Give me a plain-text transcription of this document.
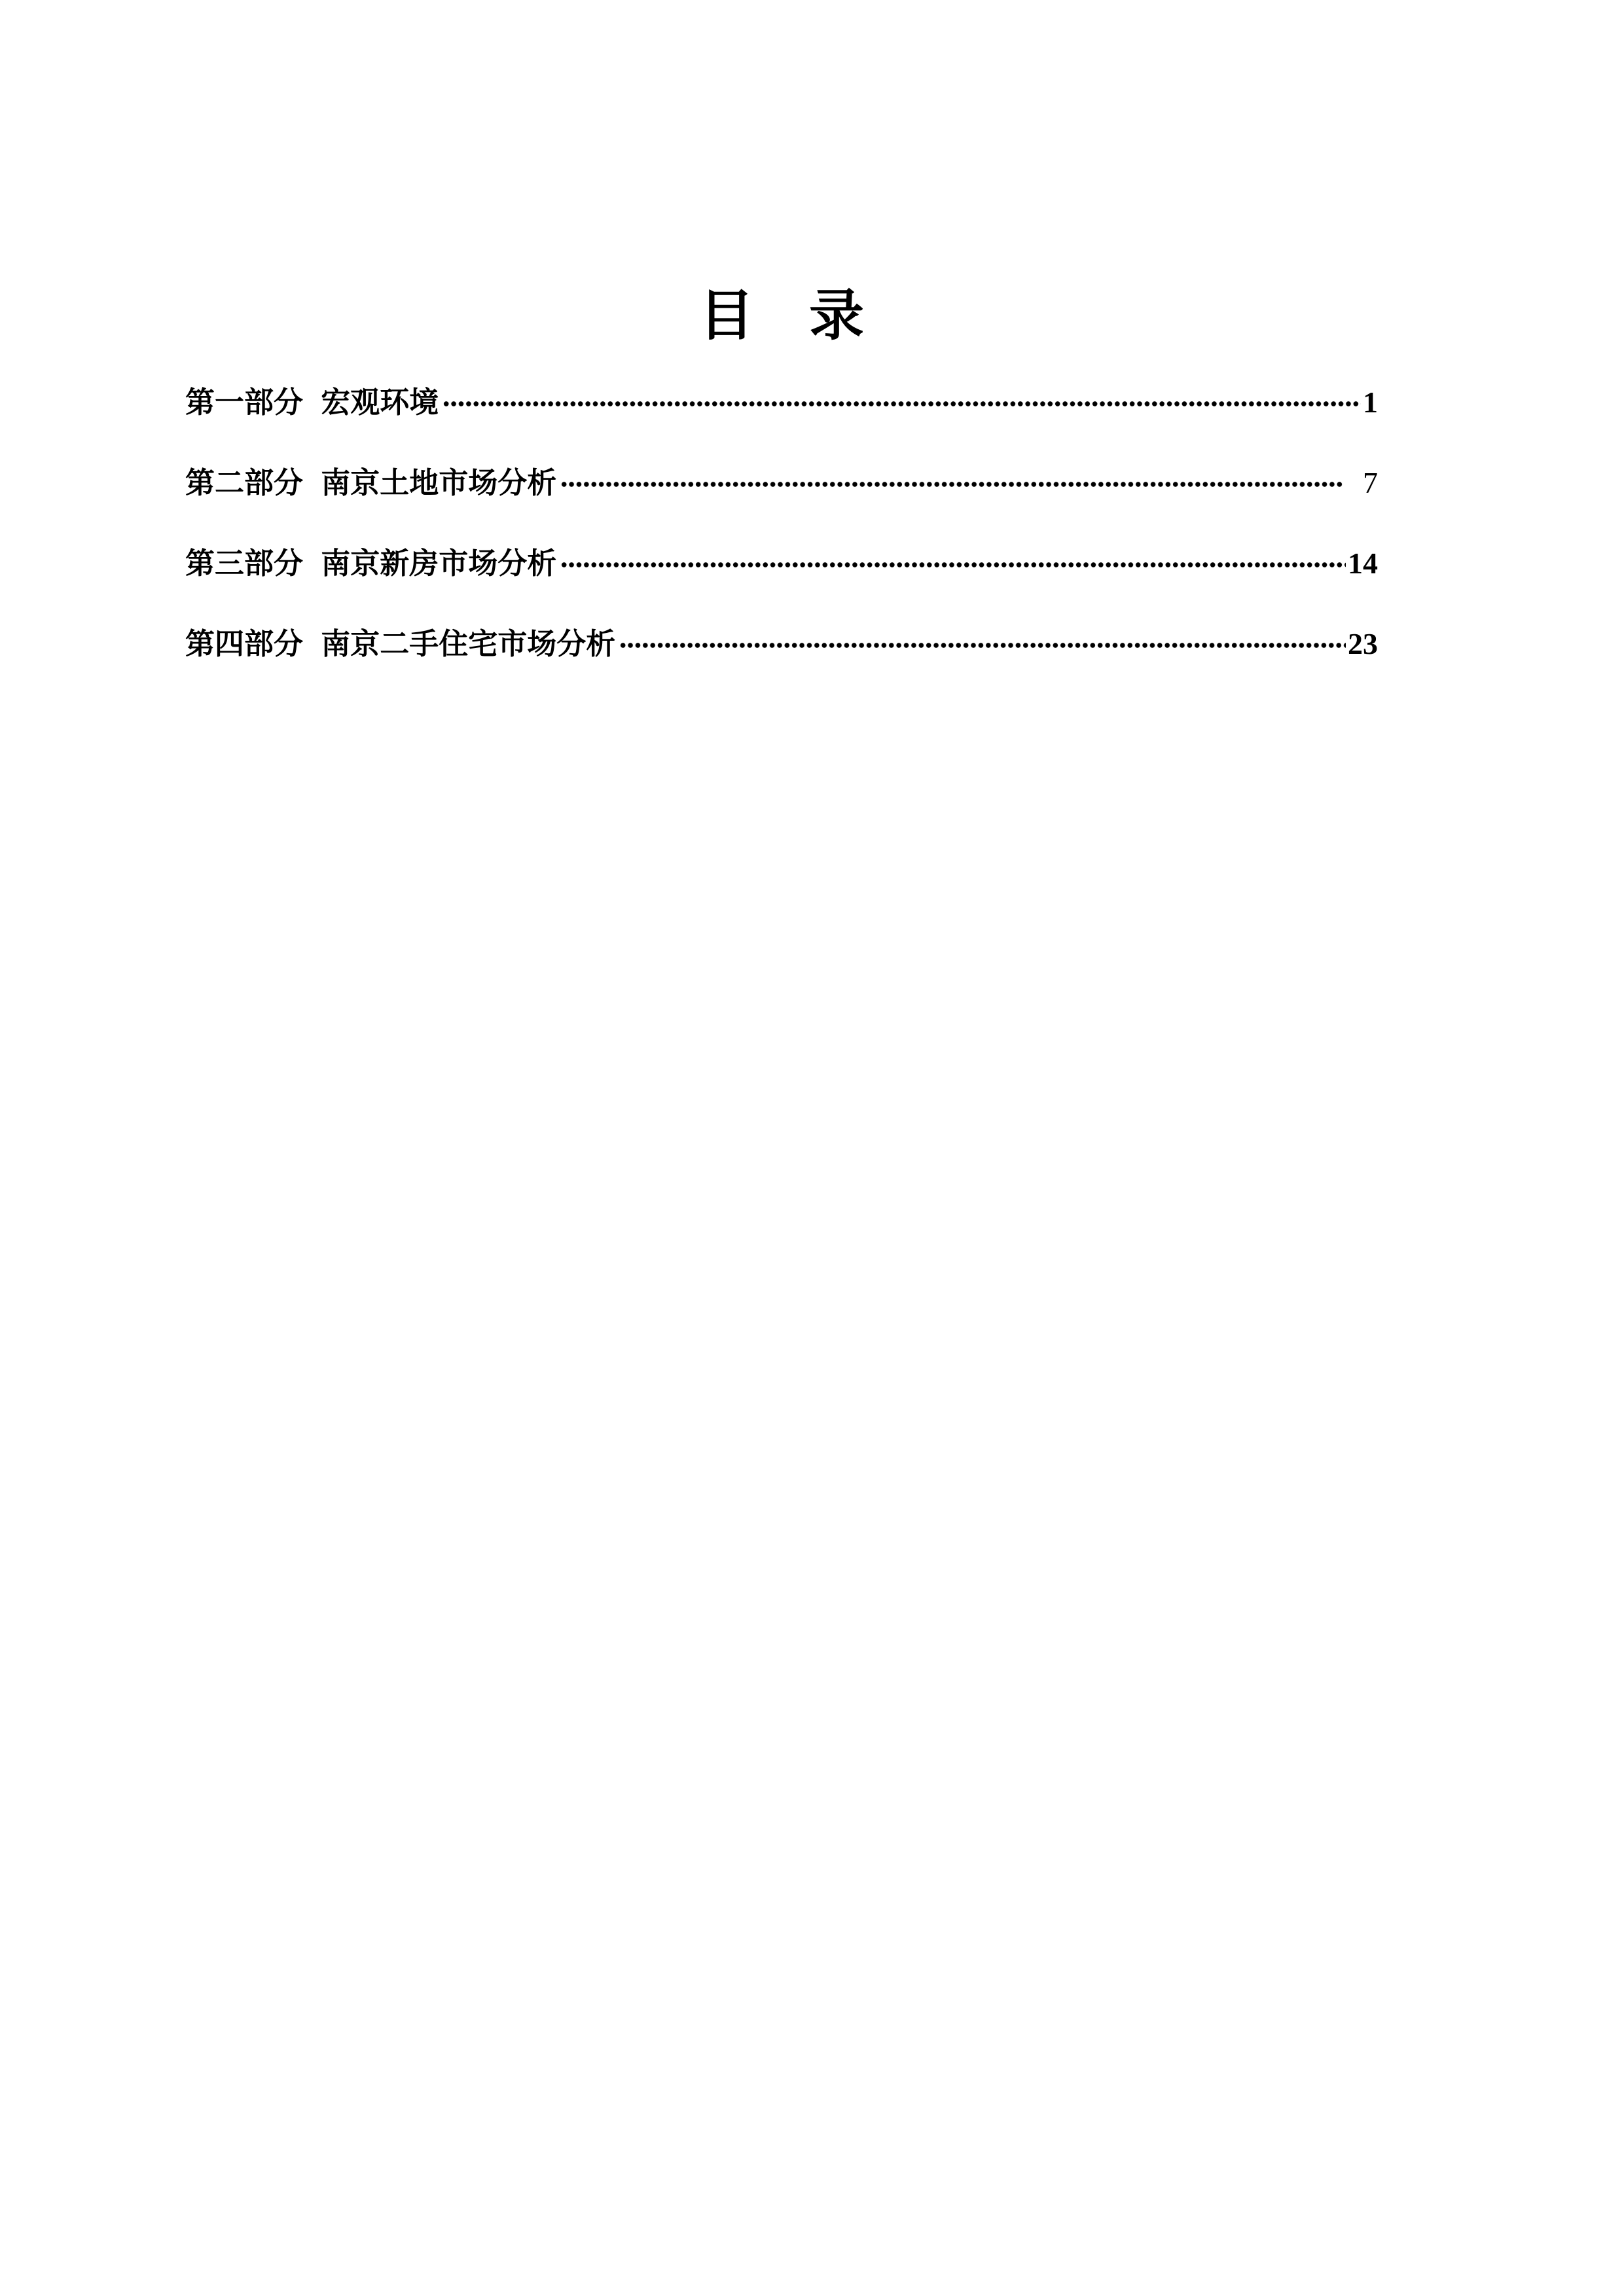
目　录
第一部分 宏观环境	1
第二部分 南京土地市场分析	7
第三部分 南京新房市场分析	14
第四部分 南京二手住宅市场分析	23
